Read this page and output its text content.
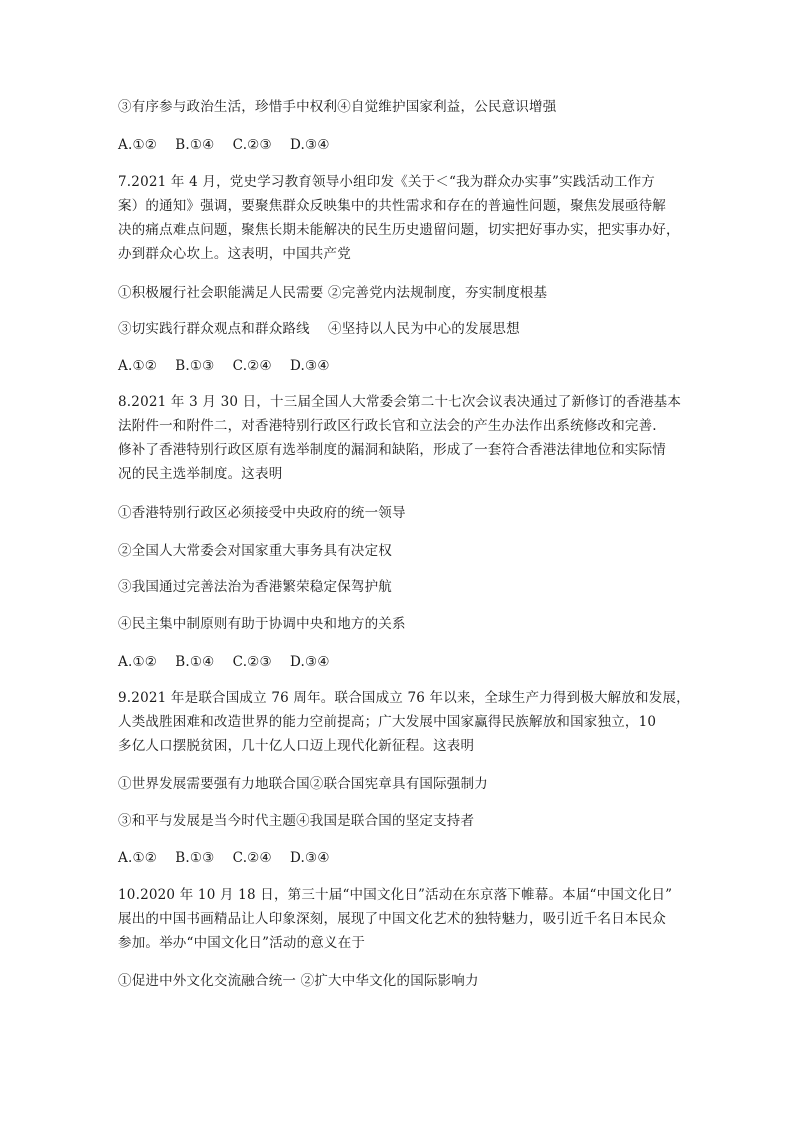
③有序参与政治生活，珍惜手中权利④自觉维护国家利益，公民意识增强
A.①②　 B.①④　 C.②③　 D.③④
7.2021 年 4 月，党史学习教育领导小组印发《关于＜“我为群众办实事”实践活动工作方
案）的通知》强调，要聚焦群众反映集中的共性需求和存在的普遍性问题，聚焦发展亟待解
决的痛点难点问题，聚焦长期未能解决的民生历史遗留问题，切实把好事办实，把实事办好，
办到群众心坎上。这表明，中国共产党
①积极履行社会职能满足人民需要 ②完善党内法规制度，夯实制度根基
③切实践行群众观点和群众路线　 ④坚持以人民为中心的发展思想
A.①②　 B.①③　 C.②④　 D.③④
8.2021 年 3 月 30 日，十三届全国人大常委会第二十七次会议表决通过了新修订的香港基本
法附件一和附件二，对香港特别行政区行政长官和立法会的产生办法作出系统修改和完善.
修补了香港特别行政区原有选举制度的漏洞和缺陷，形成了一套符合香港法律地位和实际情
况的民主选举制度。这表明
①香港特别行政区必须接受中央政府的统一领导
②全国人大常委会对国家重大事务具有决定权
③我国通过完善法治为香港繁荣稳定保驾护航
④民主集中制原则有助于协调中央和地方的关系
A.①②　 B.①④　 C.②③　 D.③④
9.2021 年是联合国成立 76 周年。联合国成立 76 年以来，全球生产力得到极大解放和发展，
人类战胜困难和改造世界的能力空前提高；广大发展中国家赢得民族解放和国家独立，10
多亿人口摆脱贫困，几十亿人口迈上现代化新征程。这表明
①世界发展需要强有力地联合国②联合国宪章具有国际强制力
③和平与发展是当今时代主题④我国是联合国的坚定支持者
A.①②　 B.①③　 C.②④　 D.③④
10.2020 年 10 月 18 日，第三十届“中国文化日”活动在东京落下帷幕。本届“中国文化日”
展出的中国书画精品让人印象深刻，展现了中国文化艺术的独特魅力，吸引近千名日本民众
参加。举办“中国文化日”活动的意义在于
①促进中外文化交流融合统一 ②扩大中华文化的国际影响力
